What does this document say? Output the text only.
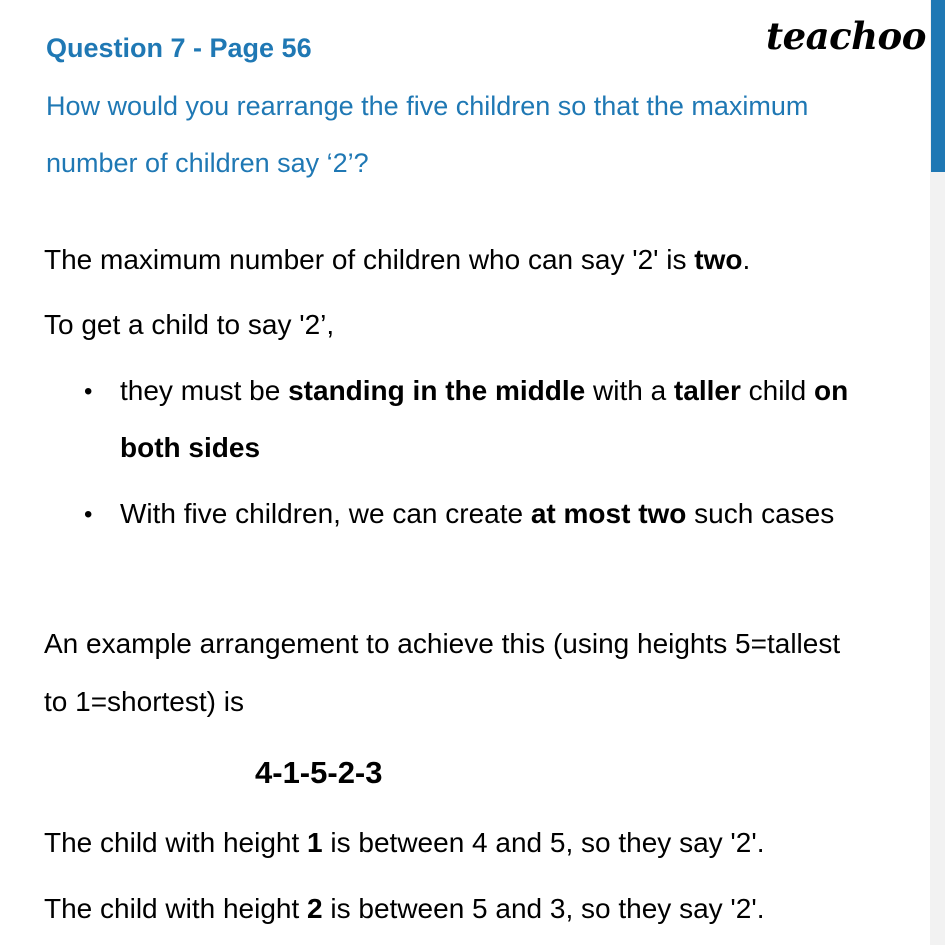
Question 7 - Page 56	teachoo
How would you rearrange the five children so that the maximum
number of children say ‘2’?
The maximum number of children who can say '2' is two.
To get a child to say '2’,
• they must be standing in the middle with a taller child on
both sides
• With five children, we can create at most two such cases
An example arrangement to achieve this (using heights 5=tallest
to 1=shortest) is
4-1-5-2-3
The child with height 1 is between 4 and 5, so they say '2'.
The child with height 2 is between 5 and 3, so they say '2'.
